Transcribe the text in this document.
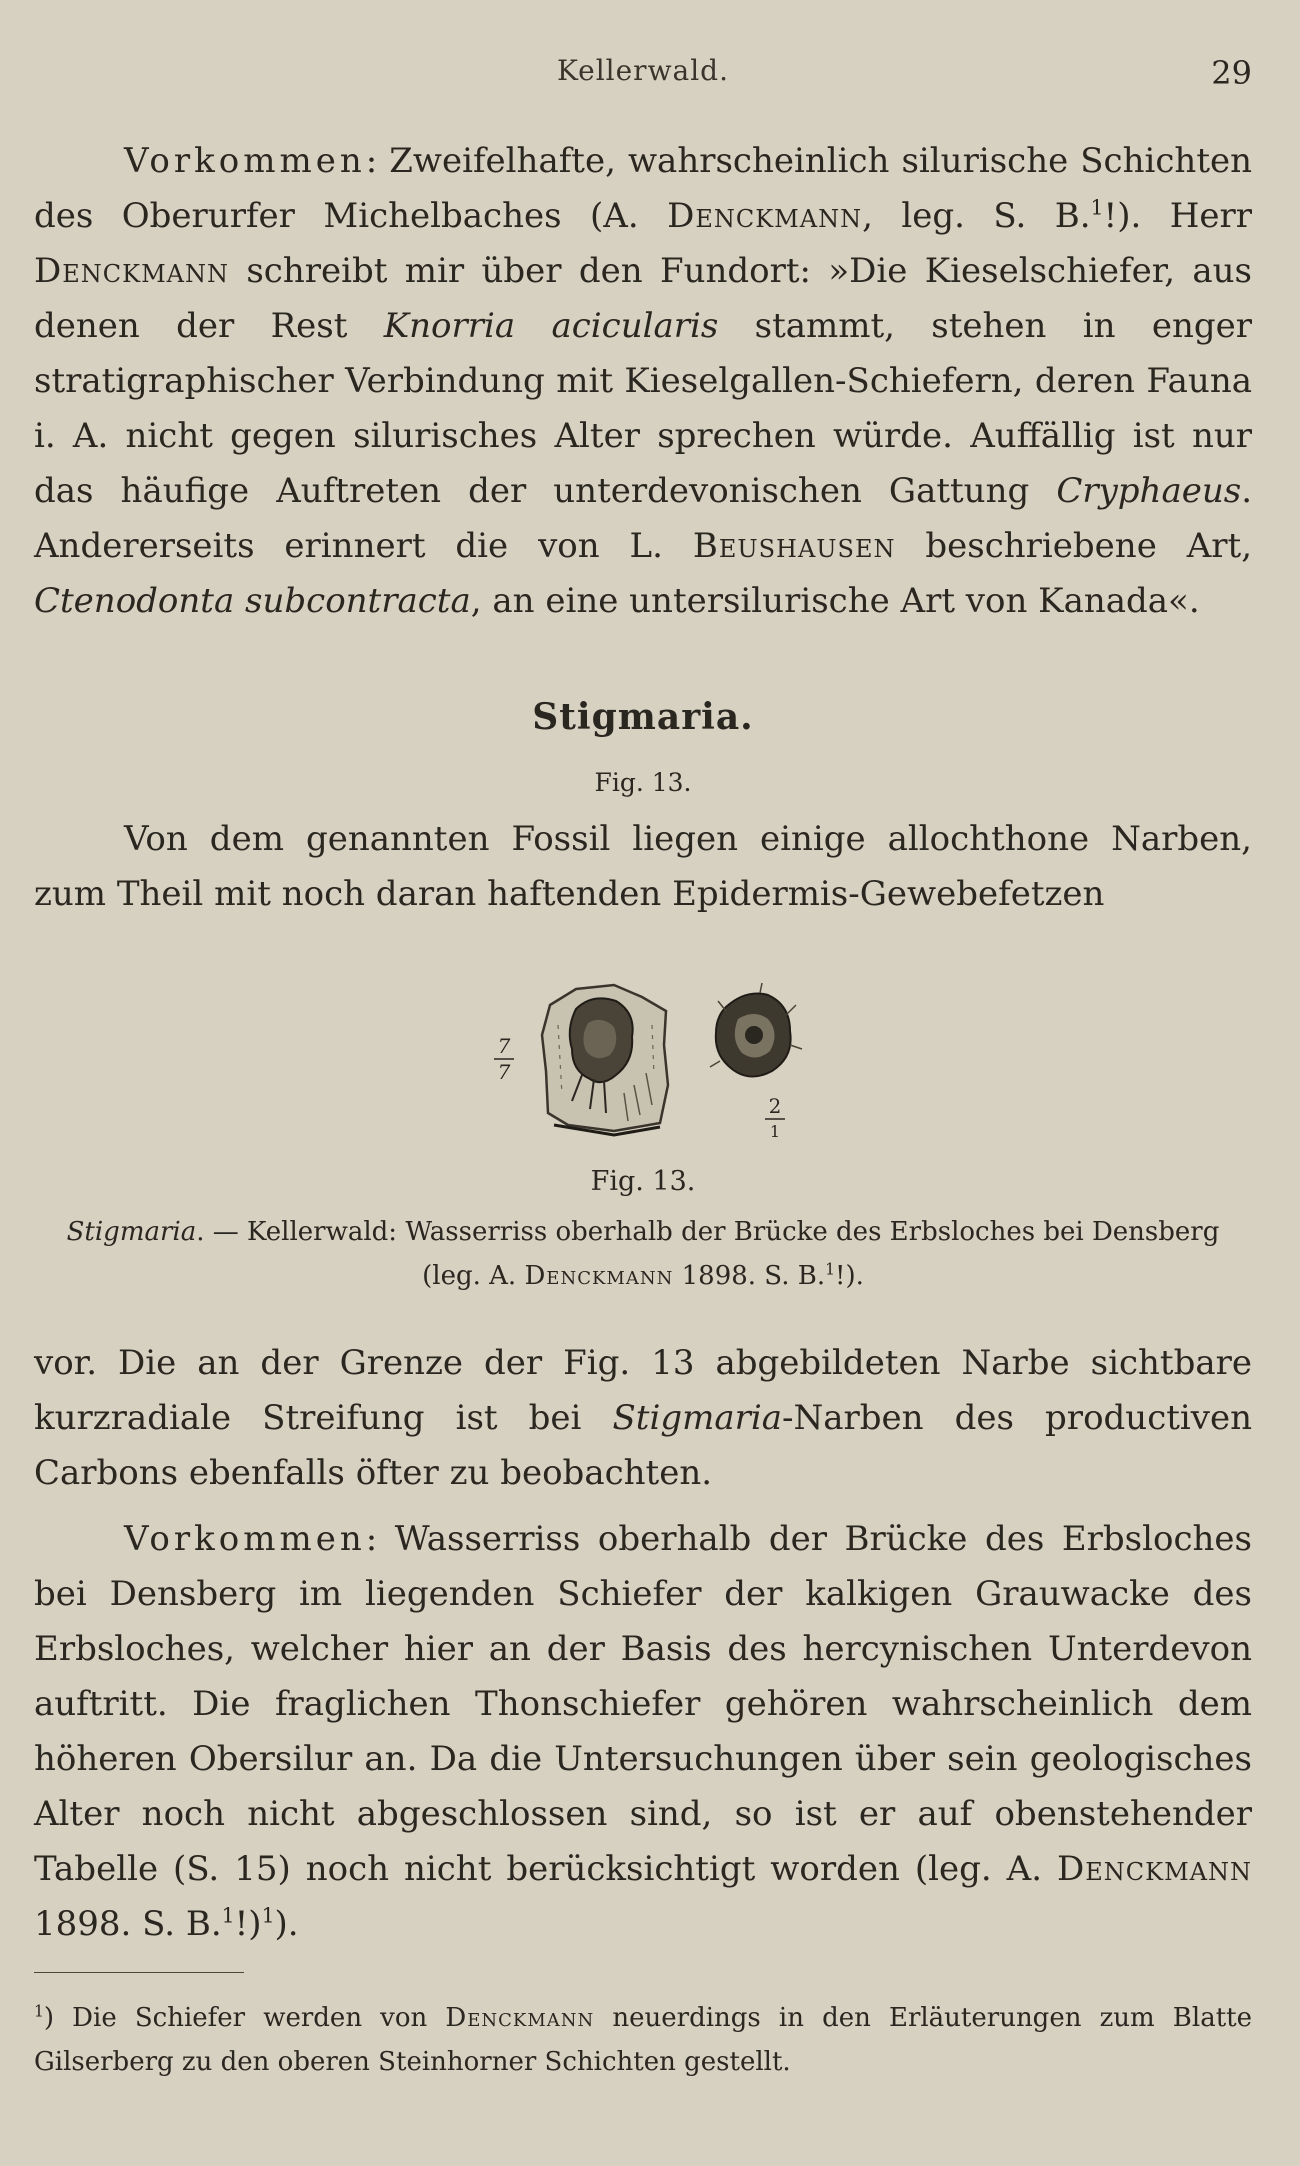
Kellerwald.	29

Vorkommen: Zweifelhafte, wahrscheinlich silurische Schichten des Oberurfer Michelbaches (A. Denckmann, leg. S. B.$^1$!). Herr Denckmann schreibt mir über den Fundort: »Die Kieselschiefer, aus denen der Rest Knorria acicularis stammt, stehen in enger stratigraphischer Verbindung mit Kieselgallen-Schiefern, deren Fauna i. A. nicht gegen silurisches Alter sprechen würde. Auffällig ist nur das häufige Auftreten der unterdevonischen Gattung Cryphaeus. Andererseits erinnert die von L. Beushausen beschriebene Art, Ctenodonta subcontracta, an eine untersilurische Art von Kanada«.

Stigmaria.
Fig. 13.

Von dem genannten Fossil liegen einige allochthone Narben, zum Theil mit noch daran haftenden Epidermis-Gewebefetzen

7
7
2
1
Fig. 13.
Stigmaria. — Kellerwald: Wasserriss oberhalb der Brücke des Erbsloches bei Densberg (leg. A. Denckmann 1898. S. B.$^1$!).

vor. Die an der Grenze der Fig. 13 abgebildeten Narbe sichtbare kurzradiale Streifung ist bei Stigmaria-Narben des productiven Carbons ebenfalls öfter zu beobachten.

Vorkommen: Wasserriss oberhalb der Brücke des Erbsloches bei Densberg im liegenden Schiefer der kalkigen Grauwacke des Erbsloches, welcher hier an der Basis des hercynischen Unterdevon auftritt. Die fraglichen Thonschiefer gehören wahrscheinlich dem höheren Obersilur an. Da die Untersuchungen über sein geologisches Alter noch nicht abgeschlossen sind, so ist er auf obenstehender Tabelle (S. 15) noch nicht berücksichtigt worden (leg. A. Denckmann 1898. S. B.$^1$!)$^1$).

$^1$) Die Schiefer werden von Denckmann neuerdings in den Erläuterungen zum Blatte Gilserberg zu den oberen Steinhorner Schichten gestellt.
